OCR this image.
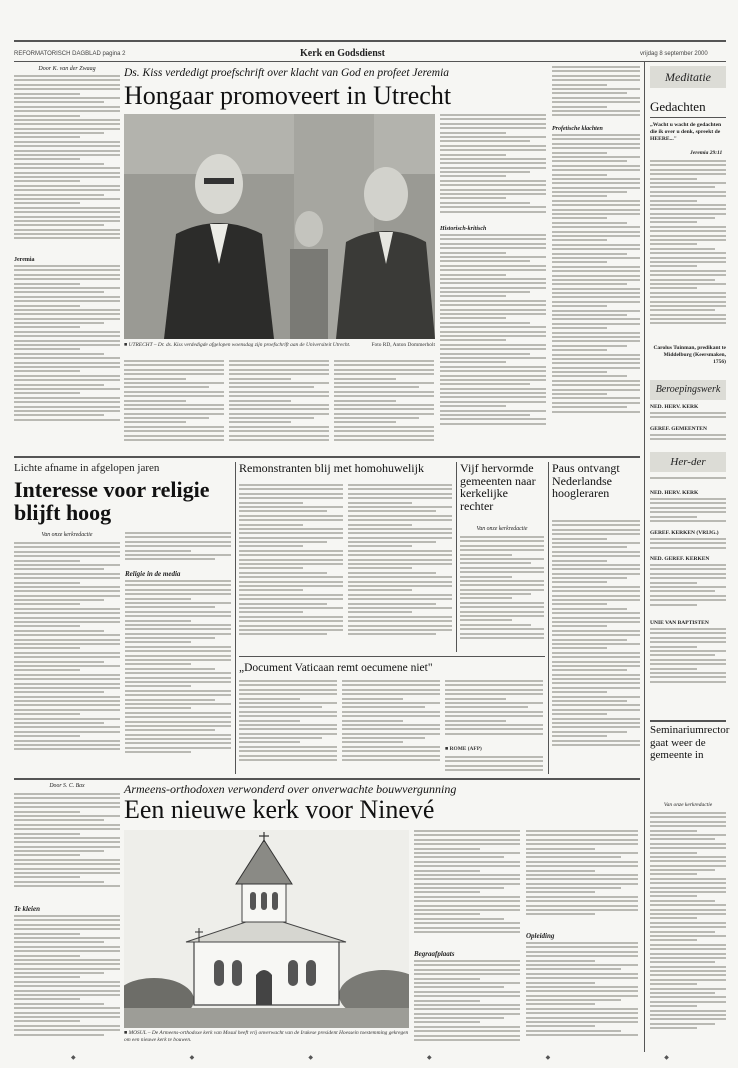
REFORMATORISCH DAGBLAD pagina 2	Kerk en Godsdienst	vrijdag 8 september 2000
Door K. van der Zwaag
Jeremia
Ds. Kiss verdedigt proefschrift over klacht van God en profeet Jeremia
Hongaar promoveert in Utrecht
■ UTRECHT – Dr. ds. Kiss verdedigde afgelopen woensdag zijn proefschrift aan de Universiteit Utrecht.	Foto RD, Anton Dommerholt
Historisch-kritisch
Profetische klachten
Meditatie
Gedachten
„Wacht u wacht de gedachten die ik over u denk, spreekt de HEERE..."
Jeremia 29:11
Carolus Tuinman, predikant te Middelburg (Keersmaken, 1756)
Beroepingswerk
NED. HERV. KERK
GEREF. GEMEENTEN
Her-der
NED. HERV. KERK
GEREF. KERKEN (VRIJG.)
NED. GEREF. KERKEN
UNIE VAN BAPTISTEN
Seminariumrector gaat weer de gemeente in
Van onze kerkredactie
Lichte afname in afgelopen jaren
Interesse voor religie blijft hoog
Van onze kerkredactie
Religie in de media
Remonstranten blij met homohuwelijk	Vijf hervormde gemeenten naar kerkelijke rechter
Van onze kerkredactie
Paus ontvangt Nederlandse hoogleraren
„Document Vaticaan remt oecumene niet"
■ ROME (AFP)
Door S. C. Bax
Te kleien
Armeens-orthodoxen verwonderd over onverwachte bouwvergunning
Een nieuwe kerk voor Ninevé
■ MOSUL – De Armeens-orthodoxe kerk van Mosul heeft vrij onverwacht van de Irakese president Hoessein toestemming gekregen om een nieuwe kerk te bouwen.
Begraafplaats
Opleiding
◆	◆	◆	◆	◆	◆
